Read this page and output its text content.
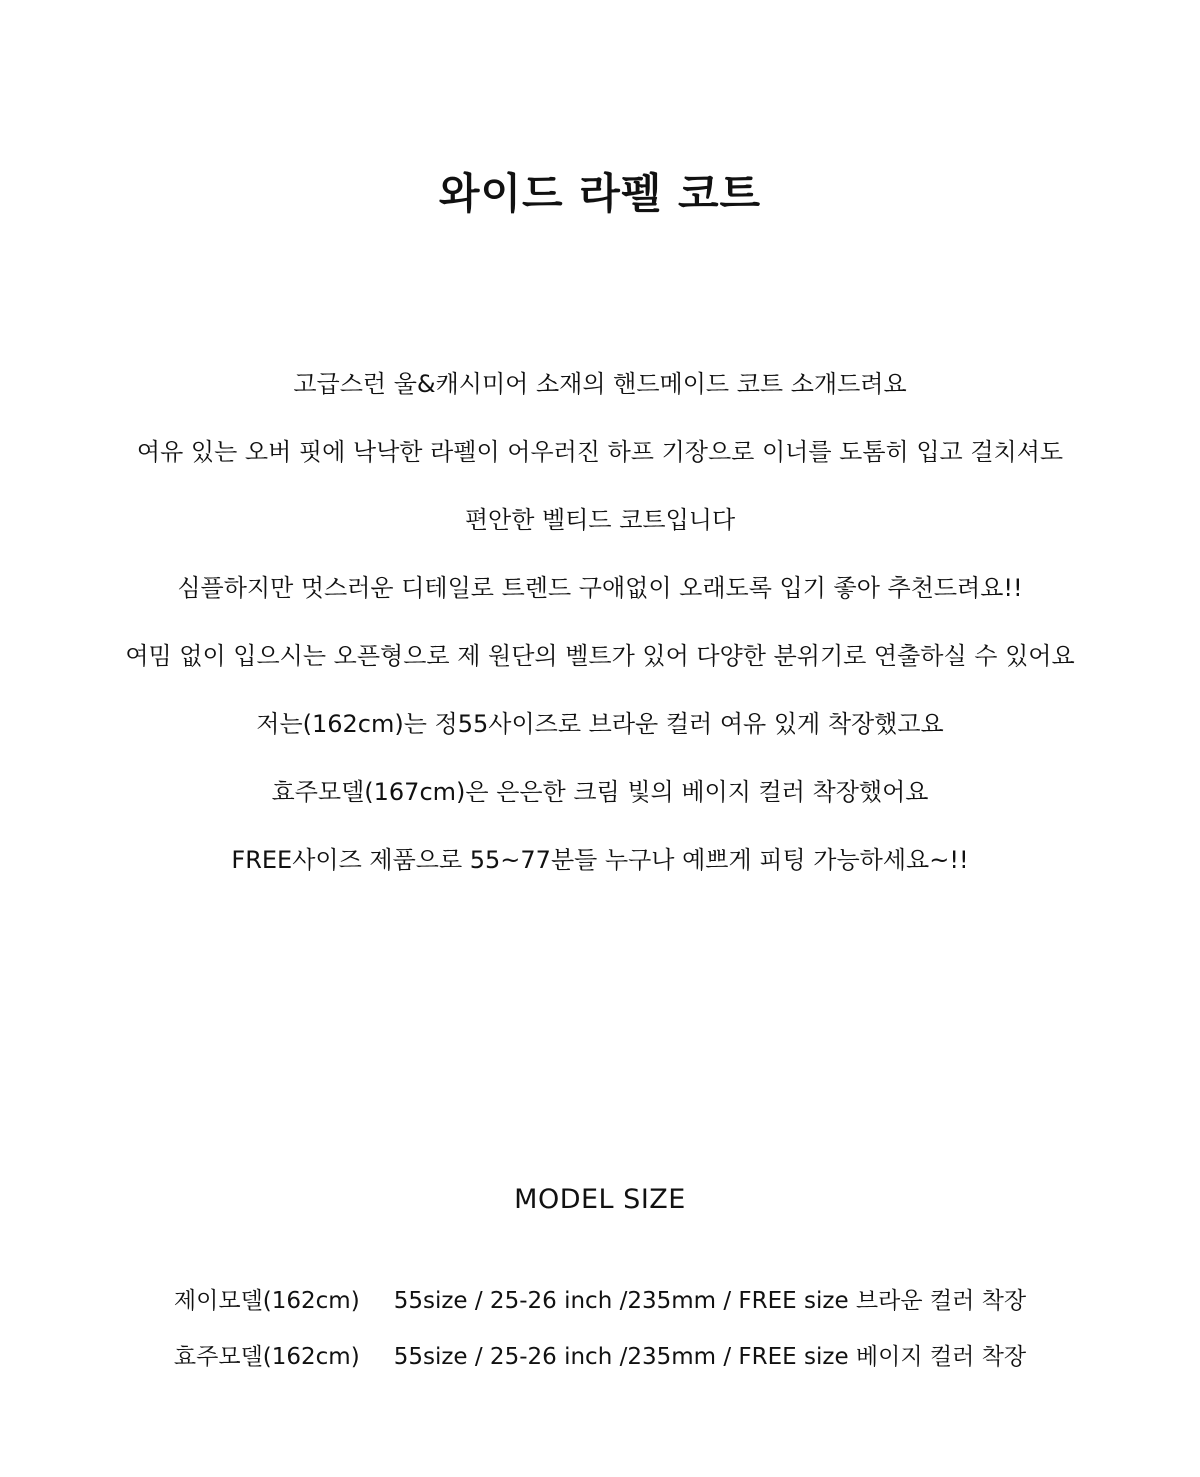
와이드 라펠 코트

고급스런 울&캐시미어 소재의 핸드메이드 코트 소개드려요

여유 있는 오버 핏에 낙낙한 라펠이 어우러진 하프 기장으로 이너를 도톰히 입고 걸치셔도

편안한 벨티드 코트입니다

심플하지만 멋스러운 디테일로 트렌드 구애없이 오래도록 입기 좋아 추천드려요!!

여밈 없이 입으시는 오픈형으로 제 원단의 벨트가 있어 다양한 분위기로 연출하실 수 있어요

저는(162cm)는 정55사이즈로 브라운 컬러 여유 있게 착장했고요

효주모델(167cm)은 은은한 크림 빛의 베이지 컬러 착장했어요

FREE사이즈 제품으로 55~77분들 누구나 예쁘게 피팅 가능하세요~!!

MODEL SIZE
제이모델(162cm) 55size / 25-26 inch /235mm / FREE size 브라운 컬러 착장
효주모델(162cm) 55size / 25-26 inch /235mm / FREE size 베이지 컬러 착장
